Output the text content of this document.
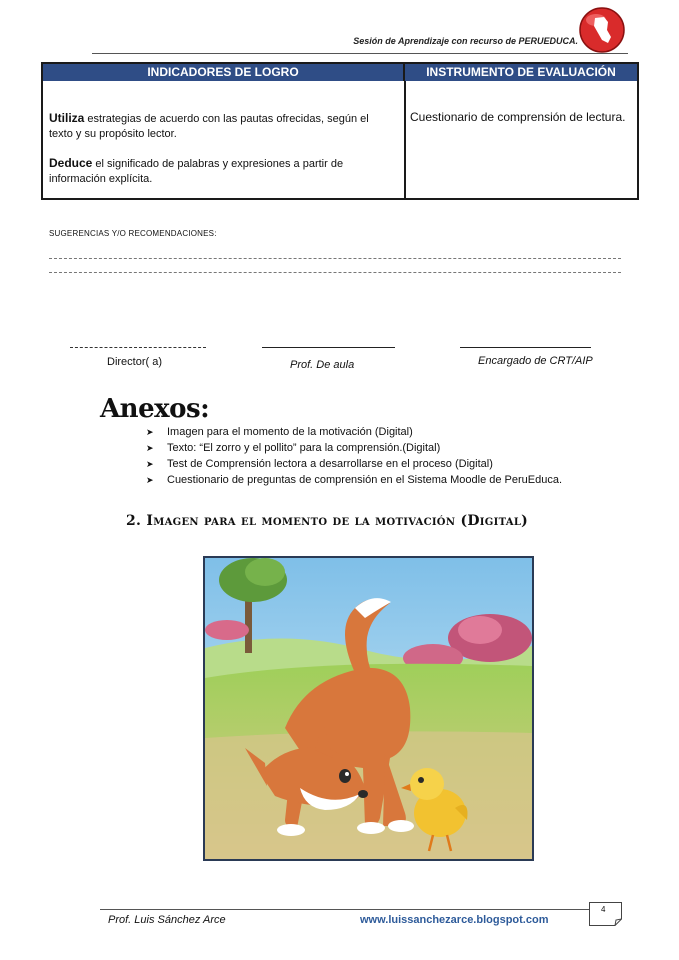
Sesión de Aprendizaje con recurso de PERUEDUCA.
INDICADORES DE LOGRO	INSTRUMENTO DE EVALUACIÓN

Utiliza estrategias de acuerdo con las pautas ofrecidas, según el texto y su propósito lector.

Deduce el significado de palabras y expresiones a partir de información explícita.

Cuestionario de comprensión de lectura.
SUGERENCIAS Y/O RECOMENDACIONES:
Director( a)	Prof. De aula	Encargado de CRT/AIP
Anexos:
➤ Imagen para el momento de la motivación (Digital)
➤ Texto: “El zorro y el pollito” para la comprensión.(Digital)
➤ Test de Comprensión lectora a desarrollarse en el proceso (Digital)
➤ Cuestionario de preguntas de comprensión en el Sistema Moodle de PeruEduca.
2. Imagen para el momento de la motivación (Digital)
Prof. Luis Sánchez Arce	www.luissanchezarce.blogspot.com
4
